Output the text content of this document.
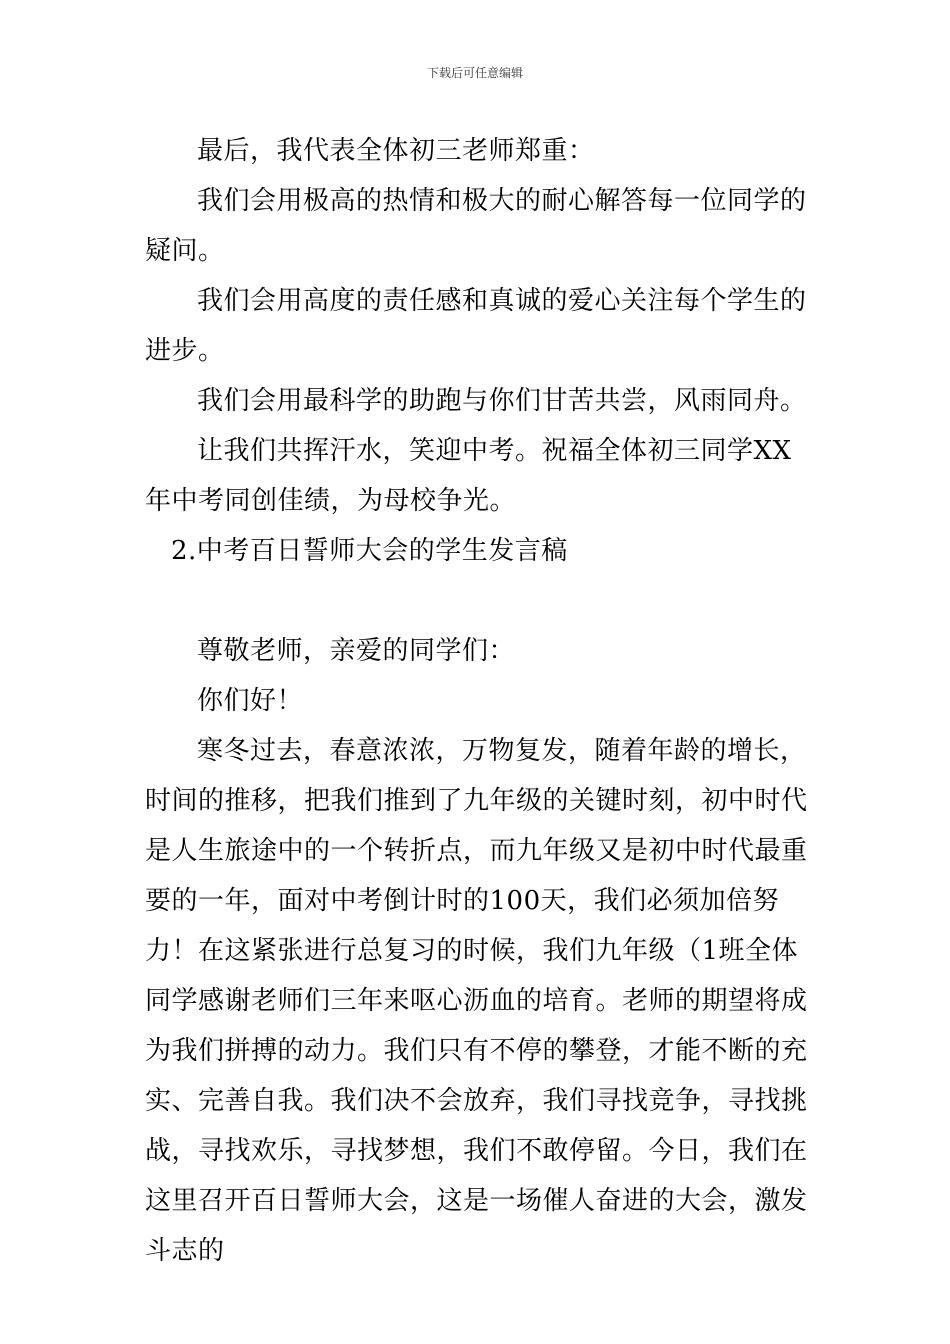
下载后可任意编辑

最后，我代表全体初三老师郑重：

我们会用极高的热情和极大的耐心解答每一位同学的疑问。

我们会用高度的责任感和真诚的爱心关注每个学生的进步。

我们会用最科学的助跑与你们甘苦共尝，风雨同舟。

让我们共挥汗水，笑迎中考。祝福全体初三同学XX年中考同创佳绩，为母校争光。

2.中考百日誓师大会的学生发言稿

尊敬老师，亲爱的同学们：

你们好！

寒冬过去，春意浓浓，万物复发，随着年龄的增长，时间的推移，把我们推到了九年级的关键时刻，初中时代是人生旅途中的一个转折点，而九年级又是初中时代最重要的一年，面对中考倒计时的100天，我们必须加倍努力！在这紧张进行总复习的时候，我们九年级（1班全体同学感谢老师们三年来呕心沥血的培育。老师的期望将成为我们拼搏的动力。我们只有不停的攀登，才能不断的充实、完善自我。我们决不会放弃，我们寻找竞争，寻找挑战，寻找欢乐，寻找梦想，我们不敢停留。今日，我们在这里召开百日誓师大会，这是一场催人奋进的大会，激发斗志的
